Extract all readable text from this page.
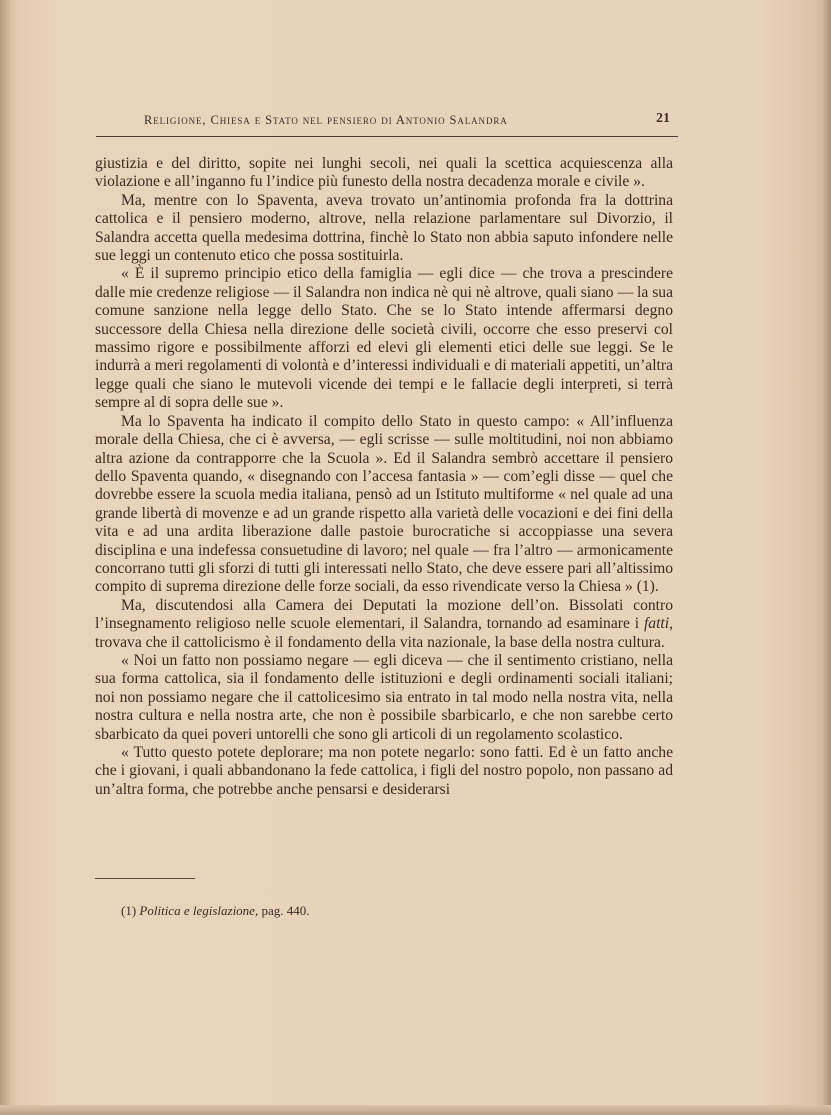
Religione, Chiesa e Stato nel pensiero di Antonio Salandra	21

giustizia e del diritto, sopite nei lunghi secoli, nei quali la scettica acquiescenza alla violazione e all’inganno fu l’indice più funesto della nostra decadenza morale e civile ».

Ma, mentre con lo Spaventa, aveva trovato un’antinomia profonda fra la dottrina cattolica e il pensiero moderno, altrove, nella relazione parlamentare sul Divorzio, il Salandra accetta quella medesima dottrina, finchè lo Stato non abbia saputo infondere nelle sue leggi un contenuto etico che possa sostituirla.

« È il supremo principio etico della famiglia — egli dice — che trova a prescindere dalle mie credenze religiose — il Salandra non indica nè qui nè altrove, quali siano — la sua comune sanzione nella legge dello Stato. Che se lo Stato intende affermarsi degno successore della Chiesa nella direzione delle società civili, occorre che esso preservi col massimo rigore e possibilmente afforzi ed elevi gli elementi etici delle sue leggi. Se le indurrà a meri regolamenti di volontà e d’interessi individuali e di materiali appetiti, un’altra legge quali che siano le mutevoli vicende dei tempi e le fallacie degli interpreti, si terrà sempre al di sopra delle sue ».

Ma lo Spaventa ha indicato il compito dello Stato in questo campo: « All’influenza morale della Chiesa, che ci è avversa, — egli scrisse — sulle moltitudini, noi non abbiamo altra azione da contrapporre che la Scuola ». Ed il Salandra sembrò accettare il pensiero dello Spaventa quando, « disegnando con l’accesa fantasia » — com’egli disse — quel che dovrebbe essere la scuola media italiana, pensò ad un Istituto multiforme « nel quale ad una grande libertà di movenze e ad un grande rispetto alla varietà delle vocazioni e dei fini della vita e ad una ardita liberazione dalle pastoie burocratiche si accoppiasse una severa disciplina e una indefessa consuetudine di lavoro; nel quale — fra l’altro — armonicamente concorrano tutti gli sforzi di tutti gli interessati nello Stato, che deve essere pari all’altissimo compito di suprema direzione delle forze sociali, da esso rivendicate verso la Chiesa » (1).

Ma, discutendosi alla Camera dei Deputati la mozione dell’on. Bissolati contro l’insegnamento religioso nelle scuole elementari, il Salandra, tornando ad esaminare i fatti, trovava che il cattolicismo è il fondamento della vita nazionale, la base della nostra cultura.

« Noi un fatto non possiamo negare — egli diceva — che il sentimento cristiano, nella sua forma cattolica, sia il fondamento delle istituzioni e degli ordinamenti sociali italiani; noi non possiamo negare che il cattolicesimo sia entrato in tal modo nella nostra vita, nella nostra cultura e nella nostra arte, che non è possibile sbarbicarlo, e che non sarebbe certo sbarbicato da quei poveri untorelli che sono gli articoli di un regolamento scolastico.

« Tutto questo potete deplorare; ma non potete negarlo: sono fatti. Ed è un fatto anche che i giovani, i quali abbandonano la fede cattolica, i figli del nostro popolo, non passano ad un’altra forma, che potrebbe anche pensarsi e desiderarsi

(1) Politica e legislazione, pag. 440.
